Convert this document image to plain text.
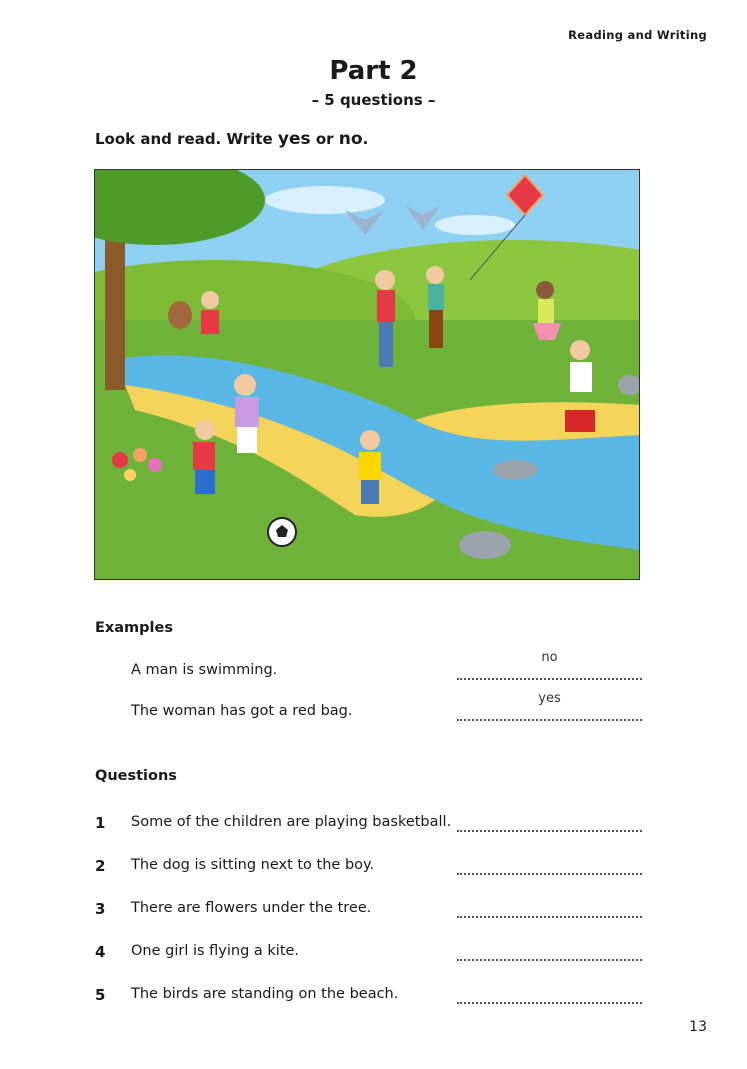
Reading and Writing
Part 2
– 5 questions –
Look and read. Write yes or no.
Examples
A man is swimming.
no
The woman has got a red bag.
yes
Questions
1 Some of the children are playing basketball.
2 The dog is sitting next to the boy.
3 There are flowers under the tree.
4 One girl is flying a kite.
5 The birds are standing on the beach.
13
